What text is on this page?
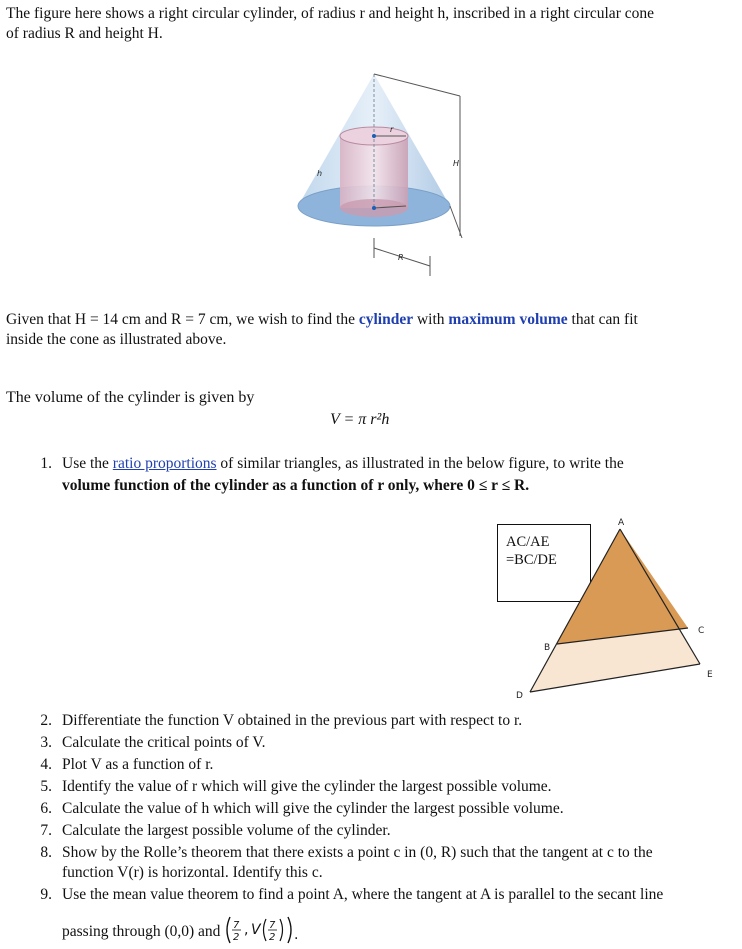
The figure here shows a right circular cylinder, of radius r and height h, inscribed in a right circular cone
of radius R and height H.
r
h
H
R
Given that H = 14 cm and R = 7 cm, we wish to find the cylinder with maximum volume that can fit
inside the cone as illustrated above.
The volume of the cylinder is given by
V = π r²h
1. Use the ratio proportions of similar triangles, as illustrated in the below figure, to write the
volume function of the cylinder as a function of r only, where 0 ≤ r ≤ R.
AC/AE
=BC/DE
A
B
C
D
E
2. Differentiate the function V obtained in the previous part with respect to r.
3. Calculate the critical points of V.
4. Plot V as a function of r.
5. Identify the value of r which will give the cylinder the largest possible volume.
6. Calculate the value of h which will give the cylinder the largest possible volume.
7. Calculate the largest possible volume of the cylinder.
8. Show by the Rolle’s theorem that there exists a point c in (0, R) such that the tangent at c to the
function V(r) is horizontal. Identify this c.
9. Use the mean value theorem to find a point A, where the tangent at A is parallel to the secant line
passing through (0,0) and 7
2 , V 7
2 .
